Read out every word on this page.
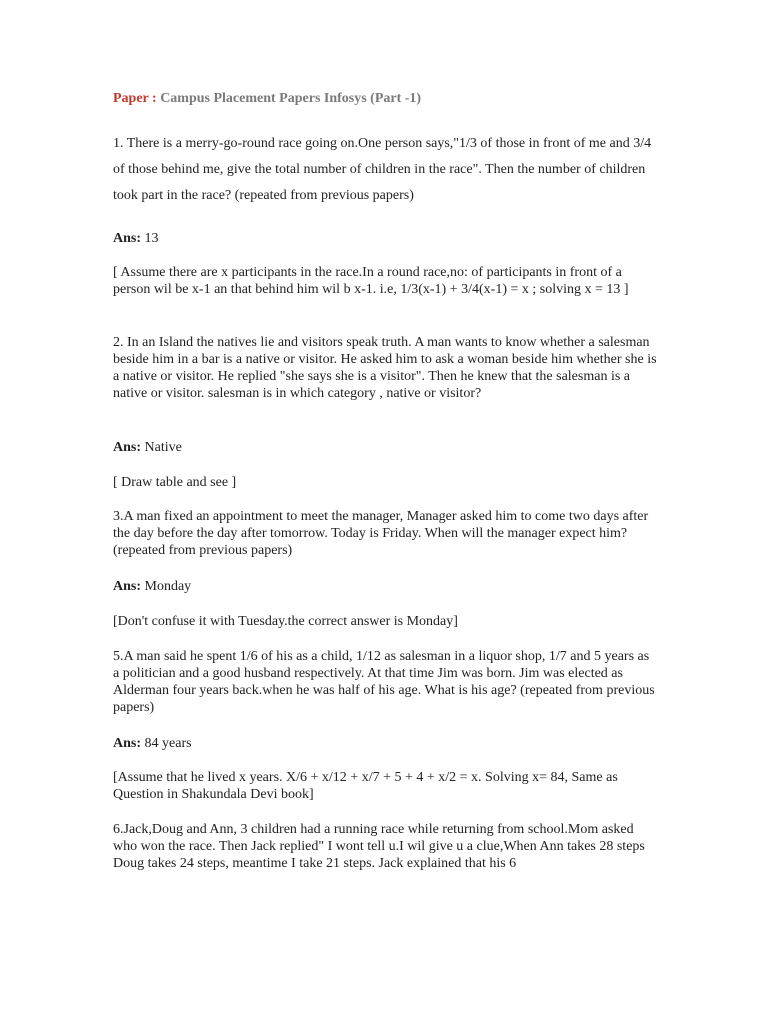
Paper : Campus Placement Papers Infosys (Part -1)

1. There is a merry-go-round race going on.One person says,"1/3 of those in front of me and 3/4 of those behind me, give the total number of children in the race". Then the number of children took part in the race? (repeated from previous papers)

Ans: 13

[ Assume there are x participants in the race.In a round race,no: of participants in front of a person wil be x-1 an that behind him wil b x-1. i.e, 1/3(x-1) + 3/4(x-1) = x ; solving x = 13 ]

2. In an Island the natives lie and visitors speak truth. A man wants to know whether a salesman beside him in a bar is a native or visitor. He asked him to ask a woman beside him whether she is a native or visitor. He replied "she says she is a visitor". Then he knew that the salesman is a native or visitor. salesman is in which category , native or visitor?

Ans: Native

[ Draw table and see ]

3.A man fixed an appointment to meet the manager, Manager asked him to come two days after the day before the day after tomorrow. Today is Friday. When will the manager expect him? (repeated from previous papers)

Ans: Monday

[Don't confuse it with Tuesday.the correct answer is Monday]

5.A man said he spent 1/6 of his as a child, 1/12 as salesman in a liquor shop, 1/7 and 5 years as a politician and a good husband respectively. At that time Jim was born. Jim was elected as Alderman four years back.when he was half of his age. What is his age? (repeated from previous papers)

Ans: 84 years

[Assume that he lived x years. X/6 + x/12 + x/7 + 5 + 4 + x/2 = x. Solving x= 84, Same as Question in Shakundala Devi book]

6.Jack,Doug and Ann, 3 children had a running race while returning from school.Mom asked who won the race. Then Jack replied" I wont tell u.I wil give u a clue,When Ann takes 28 steps Doug takes 24 steps, meantime I take 21 steps. Jack explained that his 6
